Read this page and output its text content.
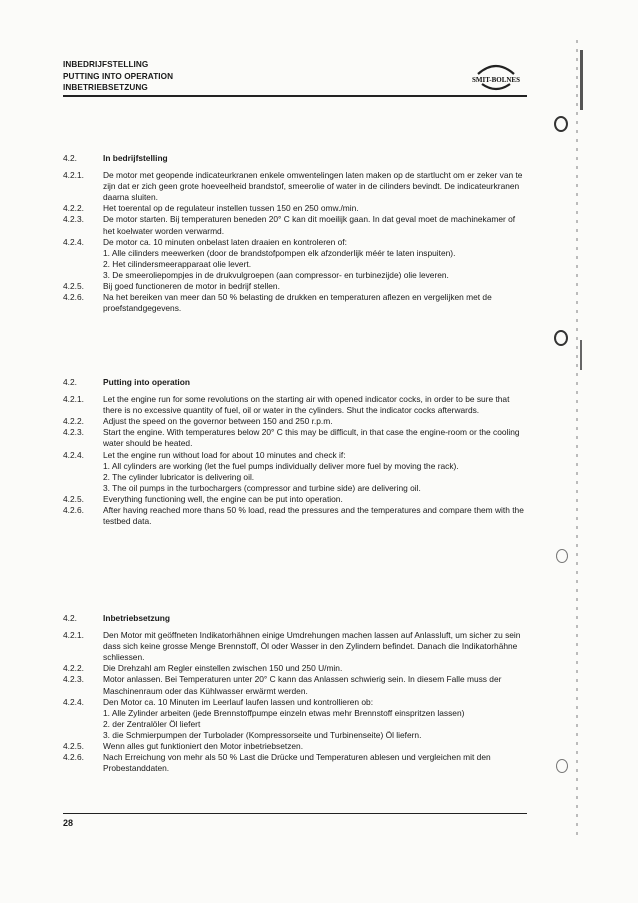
INBEDRIJFSTELLING
PUTTING INTO OPERATION
INBETRIEBSETZUNG
SMIT-BOLNES
4.2.	In bedrijfstelling
4.2.1.	De motor met geopende indicateurkranen enkele omwentelingen laten maken op de startlucht om er zeker van te zijn dat er zich geen grote hoeveelheid brandstof, smeerolie of water in de cilinders bevindt. De indicateurkranen daarna sluiten.
4.2.2.	Het toerental op de regulateur instellen tussen 150 en 250 omw./min.
4.2.3.	De motor starten. Bij temperaturen beneden 20° C kan dit moeilijk gaan. In dat geval moet de machinekamer of het koelwater worden verwarmd.
4.2.4.	De motor ca. 10 minuten onbelast laten draaien en kontroleren of:
1. Alle cilinders meewerken (door de brandstofpompen elk afzonderlijk méér te laten inspuiten).
2. Het cilindersmeerapparaat olie levert.
3. De smeeroliepompjes in de drukvulgroepen (aan compressor- en turbinezijde) olie leveren.
4.2.5.	Bij goed functioneren de motor in bedrijf stellen.
4.2.6.	Na het bereiken van meer dan 50 % belasting de drukken en temperaturen aflezen en vergelijken met de proefstandgegevens.
4.2.	Putting into operation
4.2.1.	Let the engine run for some revolutions on the starting air with opened indicator cocks, in order to be sure that there is no excessive quantity of fuel, oil or water in the cylinders. Shut the indicator cocks afterwards.
4.2.2.	Adjust the speed on the governor between 150 and 250 r.p.m.
4.2.3.	Start the engine. With temperatures below 20° C this may be difficult, in that case the engine-room or the cooling water should be heated.
4.2.4.	Let the engine run without load for about 10 minutes and check if:
1. All cylinders are working (let the fuel pumps individually deliver more fuel by moving the rack).
2. The cylinder lubricator is delivering oil.
3. The oil pumps in the turbochargers (compressor and turbine side) are delivering oil.
4.2.5.	Everything functioning well, the engine can be put into operation.
4.2.6.	After having reached more thans 50 % load, read the pressures and the temperatures and compare them with the testbed data.
4.2.	Inbetriebsetzung
4.2.1.	Den Motor mit geöffneten Indikatorhähnen einige Umdrehungen machen lassen auf Anlassluft, um sicher zu sein dass sich keine grosse Menge Brennstoff, Öl oder Wasser in den Zylindern befindet. Danach die Indikatorhähne schliessen.
4.2.2.	Die Drehzahl am Regler einstellen zwischen 150 und 250 U/min.
4.2.3.	Motor anlassen. Bei Temperaturen unter 20° C kann das Anlassen schwierig sein. In diesem Falle muss der Maschinenraum oder das Kühlwasser erwärmt werden.
4.2.4.	Den Motor ca. 10 Minuten im Leerlauf laufen lassen und kontrollieren ob:
1. Alle Zylinder arbeiten (jede Brennstoffpumpe einzeln etwas mehr Brennstoff einspritzen lassen)
2. der Zentralöler Öl liefert
3. die Schmierpumpen der Turbolader (Kompressorseite und Turbinenseite) Öl liefern.
4.2.5.	Wenn alles gut funktioniert den Motor inbetriebsetzen.
4.2.6.	Nach Erreichung von mehr als 50 % Last die Drücke und Temperaturen ablesen und vergleichen mit den Probestanddaten.
28
